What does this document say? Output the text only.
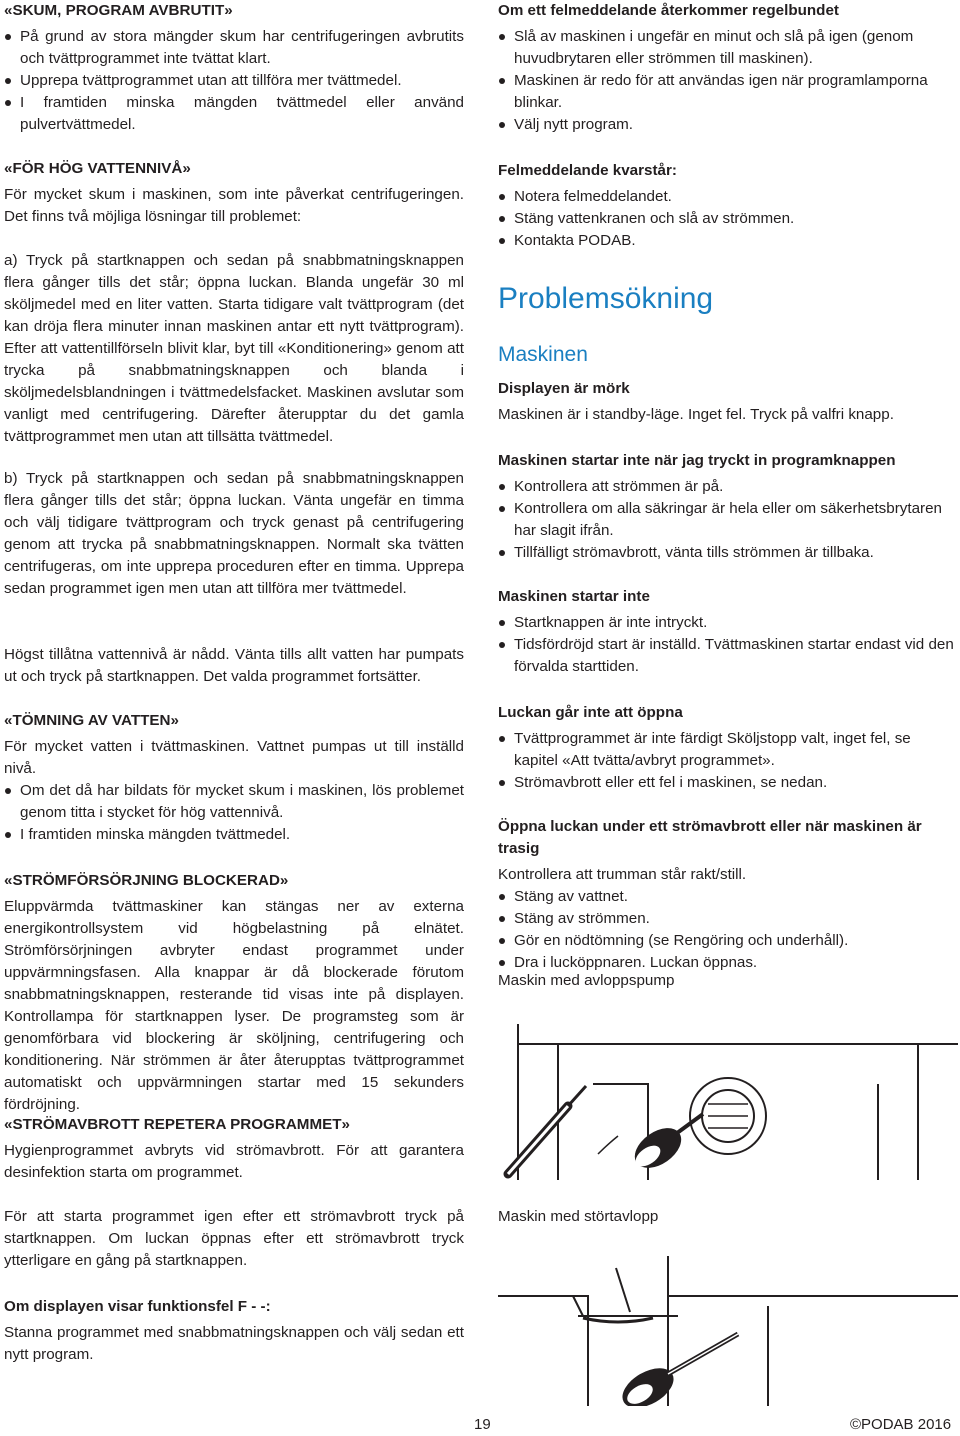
«SKUM, PROGRAM AVBRUTIT»

På grund av stora mängder skum har centrifugeringen avbrutits och tvättprogrammet inte tvättat klart.
Upprepa tvättprogrammet utan att tillföra mer tvättmedel.
I framtiden minska mängden tvättmedel eller använd pulvertvättmedel.

«FÖR HÖG VATTENNIVÅ»

För mycket skum i maskinen, som inte påverkat centrifugeringen. Det finns två möjliga lösningar till problemet:

a) Tryck på startknappen och sedan på snabbmatningsknappen flera gånger tills det står; öppna luckan. Blanda ungefär 30 ml sköljmedel med en liter vatten. Starta tidigare valt tvättprogram (det kan dröja flera minuter innan maskinen antar ett nytt tvättprogram). Efter att vattentillförseln blivit klar, byt till «Konditionering» genom att trycka på snabbmatningsknappen och blanda i sköljmedelsblandningen i tvättmedelsfacket. Maskinen avslutar som vanligt med centrifugering. Därefter återupptar du det gamla tvättprogrammet men utan att tillsätta tvättmedel.

b) Tryck på startknappen och sedan på snabbmatningsknappen flera gånger tills det står; öppna luckan. Vänta ungefär en timma och välj tidigare tvättprogram och tryck genast på centrifugering genom att trycka på snabbmatningsknappen. Normalt ska tvätten centrifugeras, om inte upprepa proceduren efter en timma. Upprepa sedan programmet igen men utan att tillföra mer tvättmedel.

Högst tillåtna vattennivå är nådd. Vänta tills allt vatten har pumpats ut och tryck på startknappen. Det valda programmet fortsätter.

«TÖMNING AV VATTEN»

För mycket vatten i tvättmaskinen. Vattnet pumpas ut till inställd nivå.

Om det då har bildats för mycket skum i maskinen, lös problemet genom titta i stycket för hög vattennivå.
I framtiden minska mängden tvättmedel.

«STRÖMFÖRSÖRJNING BLOCKERAD»

Eluppvärmda tvättmaskiner kan stängas ner av externa energikontrollsystem vid högbelastning på elnätet. Strömförsörjningen avbryter endast programmet under uppvärmningsfasen. Alla knappar är då blockerade förutom snabbmatningsknappen, resterande tid visas inte på displayen. Kontrollampa för startknappen lyser. De programsteg som är genomförbara vid blockering är sköljning, centrifugering och konditionering. När strömmen är åter återupptas tvättprogrammet automatiskt och uppvärmningen startar med 15 sekunders fördröjning.

«STRÖMAVBROTT REPETERA PROGRAMMET»

Hygienprogrammet avbryts vid strömavbrott. För att garantera desinfektion starta om programmet.

För att starta programmet igen efter ett strömavbrott tryck på startknappen. Om luckan öppnas efter ett strömavbrott tryck ytterligare en gång på startknappen.

Om displayen visar funktionsfel F - -:

Stanna programmet med snabbmatningsknappen och välj sedan ett nytt program.

Om ett felmeddelande återkommer regelbundet

Slå av maskinen i ungefär en minut och slå på igen (genom huvudbrytaren eller strömmen till maskinen).
Maskinen är redo för att användas igen när programlamporna blinkar.
Välj nytt program.

Felmeddelande kvarstår:

Notera felmeddelandet.
Stäng vattenkranen och slå av strömmen.
Kontakta PODAB.
Problemsökning
Maskinen

Displayen är mörk

Maskinen är i standby-läge. Inget fel. Tryck på valfri knapp.

Maskinen startar inte när jag tryckt in programknappen

Kontrollera att strömmen är på.
Kontrollera om alla säkringar är hela eller om säkerhetsbrytaren har slagit ifrån.
Tillfälligt strömavbrott, vänta tills strömmen är tillbaka.

Maskinen startar inte

Startknappen är inte intryckt.
Tidsfördröjd start är inställd. Tvättmaskinen startar endast vid den förvalda starttiden.

Luckan går inte att öppna

Tvättprogrammet är inte färdigt Sköljstopp valt, inget fel, se kapitel «Att tvätta/avbryt programmet».
Strömavbrott eller ett fel i maskinen, se nedan.

Öppna luckan under ett strömavbrott eller när maskinen är trasig

Kontrollera att trumman står rakt/still.

Stäng av vattnet.
Stäng av strömmen.
Gör en nödtömning (se Rengöring och underhåll).
Dra i lucköppnaren. Luckan öppnas.

Maskin med avloppspump

Maskin med störtavlopp

19	©PODAB 2016
